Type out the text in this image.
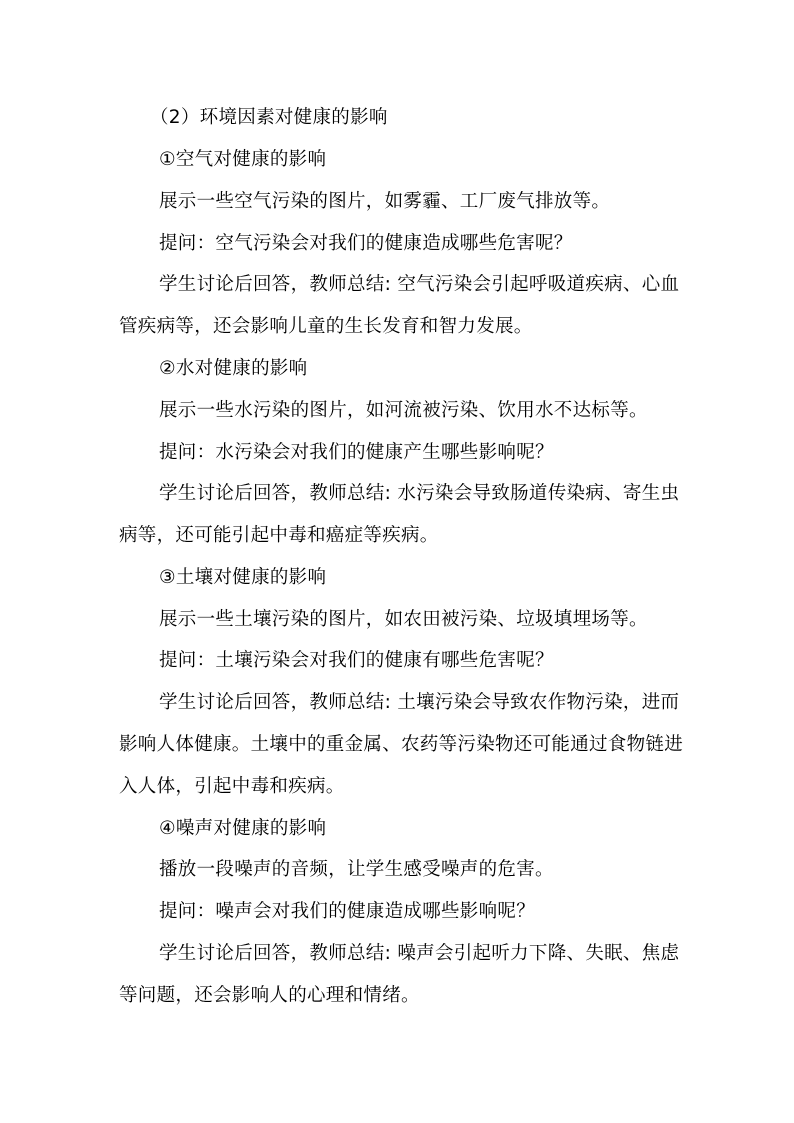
（2）环境因素对健康的影响
①空气对健康的影响
展示一些空气污染的图片，如雾霾、工厂废气排放等。
提问：空气污染会对我们的健康造成哪些危害呢？
学生讨论后回答，教师总结: 空气污染会引起呼吸道疾病、心血
管疾病等，还会影响儿童的生长发育和智力发展。
②水对健康的影响
展示一些水污染的图片，如河流被污染、饮用水不达标等。
提问：水污染会对我们的健康产生哪些影响呢？
学生讨论后回答，教师总结: 水污染会导致肠道传染病、寄生虫
病等，还可能引起中毒和癌症等疾病。
③土壤对健康的影响
展示一些土壤污染的图片，如农田被污染、垃圾填埋场等。
提问：土壤污染会对我们的健康有哪些危害呢？
学生讨论后回答，教师总结: 土壤污染会导致农作物污染，进而
影响人体健康。土壤中的重金属、农药等污染物还可能通过食物链进
入人体，引起中毒和疾病。
④噪声对健康的影响
播放一段噪声的音频，让学生感受噪声的危害。
提问：噪声会对我们的健康造成哪些影响呢？
学生讨论后回答，教师总结: 噪声会引起听力下降、失眠、焦虑
等问题，还会影响人的心理和情绪。
